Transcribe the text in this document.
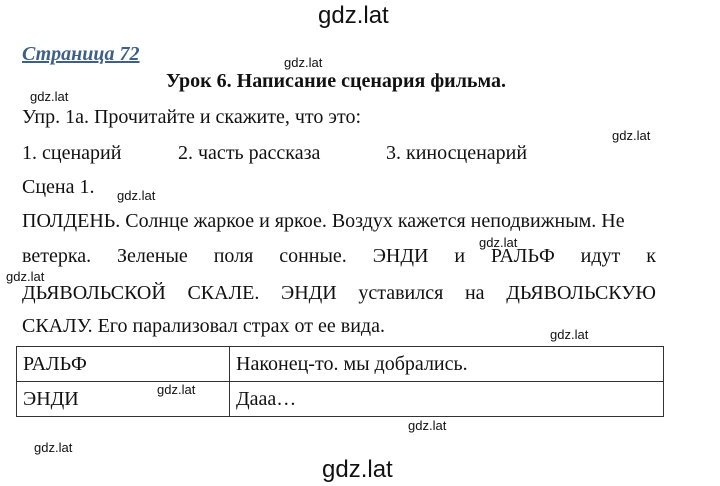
gdz.lat
gdz.lat
gdz.lat
gdz.lat
gdz.lat
gdz.lat
gdz.lat
gdz.lat
gdz.lat
gdz.lat
gdz.lat
gdz.lat
Страница 72
Урок 6. Написание сценария фильма.
Упр. 1а. Прочитайте и скажите, что это:
1. сценарий	2. часть рассказа	3. киносценарий
Сцена 1.
ПОЛДЕНЬ. Солнце жаркое и яркое. Воздух кажется неподвижным. Не
ветерка. Зеленые поля сонные. ЭНДИ и РАЛЬФ идут к
ДЬЯВОЛЬСКОЙ СКАЛЕ. ЭНДИ уставился на ДЬЯВОЛЬСКУЮ
СКАЛУ. Его парализовал страх от ее вида.
РАЛЬФ	Наконец-то. мы добрались.
ЭНДИ	Дааа…
